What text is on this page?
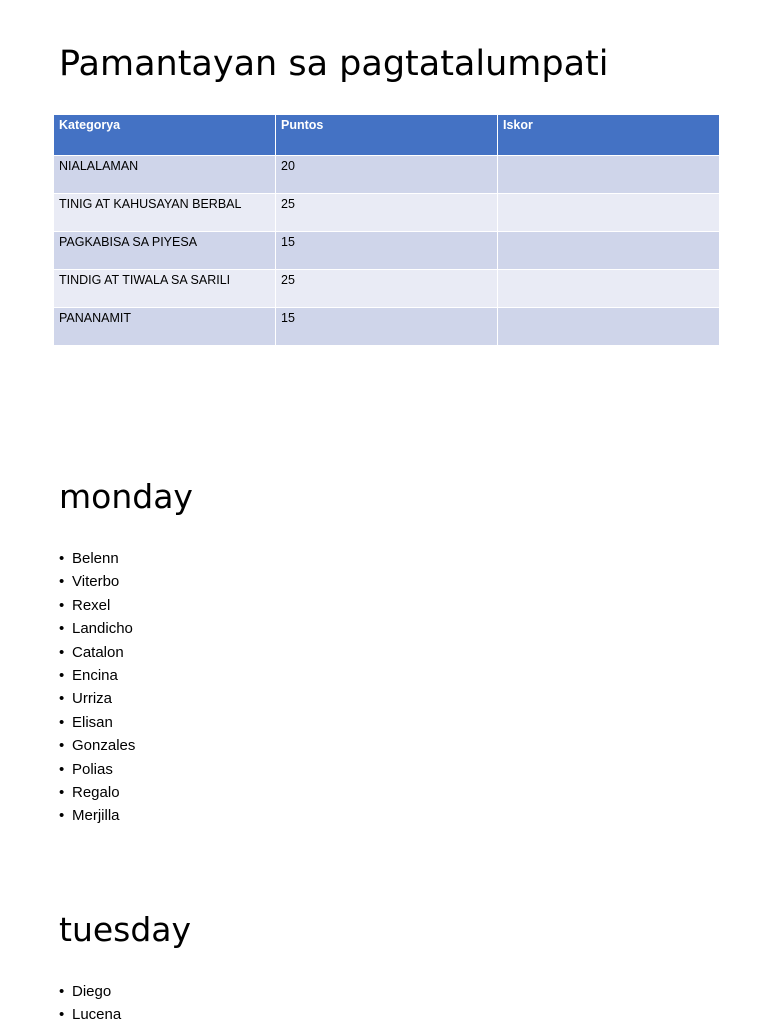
Pamantayan sa pagtatalumpati
Kategorya	Puntos	Iskor
NIALALAMAN	20	
TINIG AT KAHUSAYAN BERBAL	25	
PAGKABISA SA PIYESA	15	
TINDIG AT TIWALA SA SARILI	25	
PANANAMIT	15	
monday
• Belenn
• Viterbo
• Rexel
• Landicho
• Catalon
• Encina
• Urriza
• Elisan
• Gonzales
• Polias
• Regalo
• Merjilla
tuesday
• Diego
• Lucena
